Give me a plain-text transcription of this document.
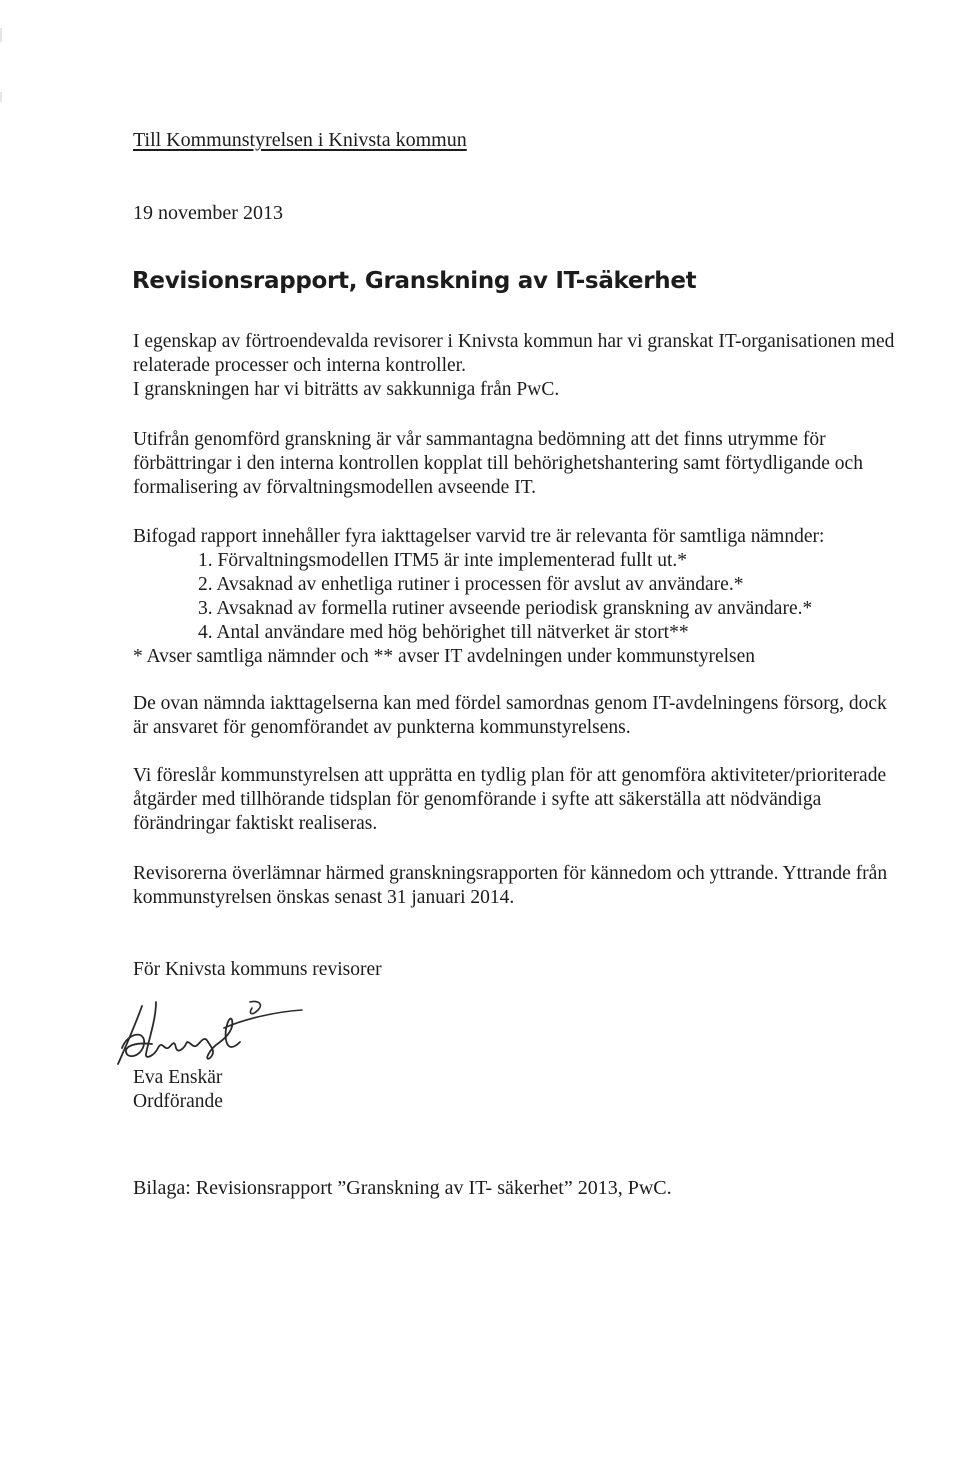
Till Kommunstyrelsen i Knivsta kommun
19 november 2013
Revisionsrapport, Granskning av IT-säkerhet
I egenskap av förtroendevalda revisorer i Knivsta kommun har vi granskat IT-organisationen med
relaterade processer och interna kontroller.
I granskningen har vi biträtts av sakkunniga från PwC.
Utifrån genomförd granskning är vår sammantagna bedömning att det finns utrymme för
förbättringar i den interna kontrollen kopplat till behörighetshantering samt förtydligande och
formalisering av förvaltningsmodellen avseende IT.
Bifogad rapport innehåller fyra iakttagelser varvid tre är relevanta för samtliga nämnder:
1. Förvaltningsmodellen ITM5 är inte implementerad fullt ut.*
2. Avsaknad av enhetliga rutiner i processen för avslut av användare.*
3. Avsaknad av formella rutiner avseende periodisk granskning av användare.*
4. Antal användare med hög behörighet till nätverket är stort**
* Avser samtliga nämnder och ** avser IT avdelningen under kommunstyrelsen
De ovan nämnda iakttagelserna kan med fördel samordnas genom IT-avdelningens försorg, dock
är ansvaret för genomförandet av punkterna kommunstyrelsens.
Vi föreslår kommunstyrelsen att upprätta en tydlig plan för att genomföra aktiviteter/prioriterade
åtgärder med tillhörande tidsplan för genomförande i syfte att säkerställa att nödvändiga
förändringar faktiskt realiseras.
Revisorerna överlämnar härmed granskningsrapporten för kännedom och yttrande. Yttrande från
kommunstyrelsen önskas senast 31 januari 2014.
För Knivsta kommuns revisorer
Eva Enskär
Ordförande
Bilaga: Revisionsrapport ”Granskning av IT- säkerhet” 2013, PwC.
